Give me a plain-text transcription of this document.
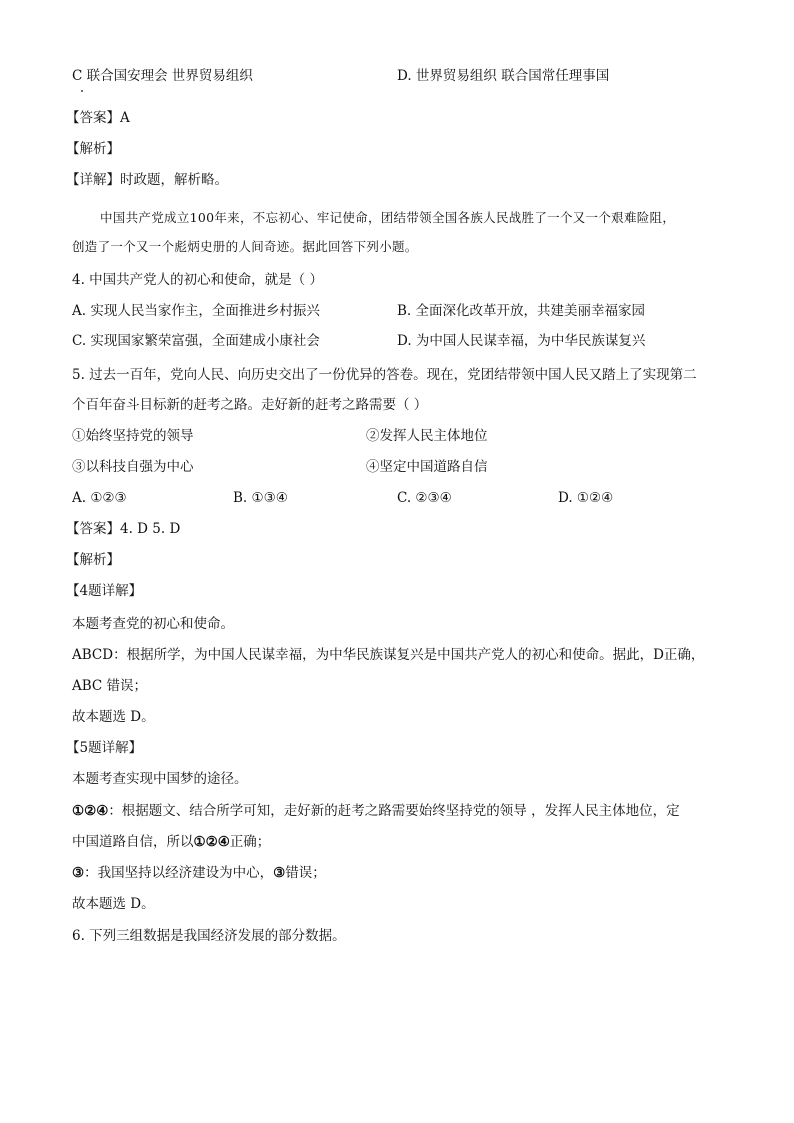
C 联合国安理会 世界贸易组织	D. 世界贸易组织 联合国常任理事国
【答案】A
【解析】
【详解】时政题，解析略。
中国共产党成立100年来，不忘初心、牢记使命，团结带领全国各族人民战胜了一个又一个艰难险阻，
创造了一个又一个彪炳史册的人间奇迹。据此回答下列小题。
4. 中国共产党人的初心和使命，就是（ ）
A. 实现人民当家作主，全面推进乡村振兴	B. 全面深化改革开放，共建美丽幸福家园
C. 实现国家繁荣富强，全面建成小康社会	D. 为中国人民谋幸福，为中华民族谋复兴
5. 过去一百年，党向人民、向历史交出了一份优异的答卷。现在，党团结带领中国人民又踏上了实现第二
个百年奋斗目标新的赶考之路。走好新的赶考之路需要（ ）
①始终坚持党的领导	②发挥人民主体地位
③以科技自强为中心	④坚定中国道路自信
A. ①②③	B. ①③④	C. ②③④	D. ①②④
【答案】4. D 5. D
【解析】
【4题详解】
本题考查党的初心和使命。
ABCD：根据所学，为中国人民谋幸福，为中华民族谋复兴是中国共产党人的初心和使命。据此，D正确，
ABC 错误；
故本题选 D。
【5题详解】
本题考查实现中国梦的途径。
①②④：根据题文、结合所学可知，走好新的赶考之路需要始终坚持党的领导 ，发挥人民主体地位，定
中国道路自信，所以①②④正确；
③：我国坚持以经济建设为中心，③错误；
故本题选 D。
6. 下列三组数据是我国经济发展的部分数据。
